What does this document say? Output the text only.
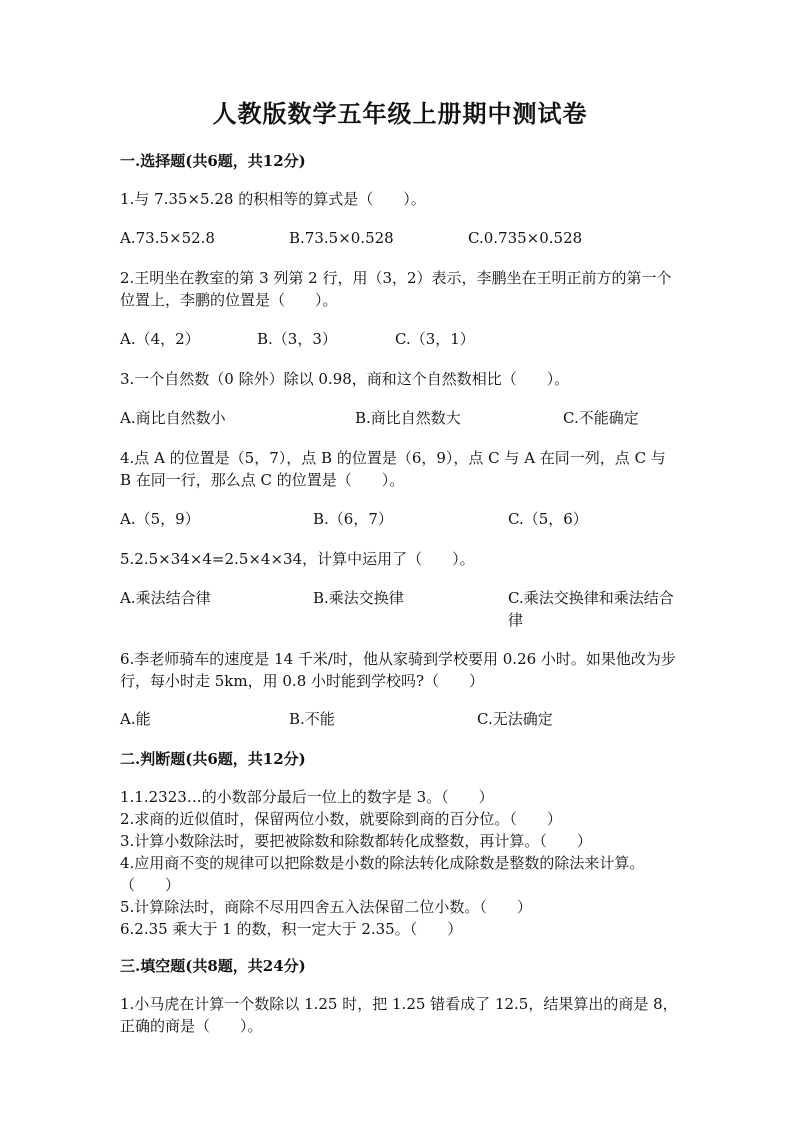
人教版数学五年级上册期中测试卷
一.选择题(共6题，共12分)
1.与 7.35×5.28 的积相等的算式是（　　）。
A.73.5×52.8	B.73.5×0.528	C.0.735×0.528
2.王明坐在教室的第 3 列第 2 行，用（3，2）表示，李鹏坐在王明正前方的第一个位置上，李鹏的位置是（　　）。
A.（4，2）	B.（3，3）	C.（3，1）
3.一个自然数（0 除外）除以 0.98，商和这个自然数相比（　　）。
A.商比自然数小	B.商比自然数大	C.不能确定
4.点 A 的位置是（5，7），点 B 的位置是（6，9），点 C 与 A 在同一列，点 C 与 B 在同一行，那么点 C 的位置是（　　）。
A.（5，9）	B.（6，7）	C.（5，6）
5.2.5×34×4=2.5×4×34，计算中运用了（　　）。
A.乘法结合律	B.乘法交换律	C.乘法交换律和乘法结合律
6.李老师骑车的速度是 14 千米/时，他从家骑到学校要用 0.26 小时。如果他改为步行，每小时走 5km，用 0.8 小时能到学校吗?（　　）
A.能	B.不能	C.无法确定
二.判断题(共6题，共12分)
1.1.2323…的小数部分最后一位上的数字是 3。（　　）
2.求商的近似值时，保留两位小数，就要除到商的百分位。（　　）
3.计算小数除法时，要把被除数和除数都转化成整数，再计算。（　　）
4.应用商不变的规律可以把除数是小数的除法转化成除数是整数的除法来计算。（　　）
5.计算除法时，商除不尽用四舍五入法保留二位小数。（　　）
6.2.35 乘大于 1 的数，积一定大于 2.35。（　　）
三.填空题(共8题，共24分)
1.小马虎在计算一个数除以 1.25 时，把 1.25 错看成了 12.5，结果算出的商是 8，正确的商是（　　）。
